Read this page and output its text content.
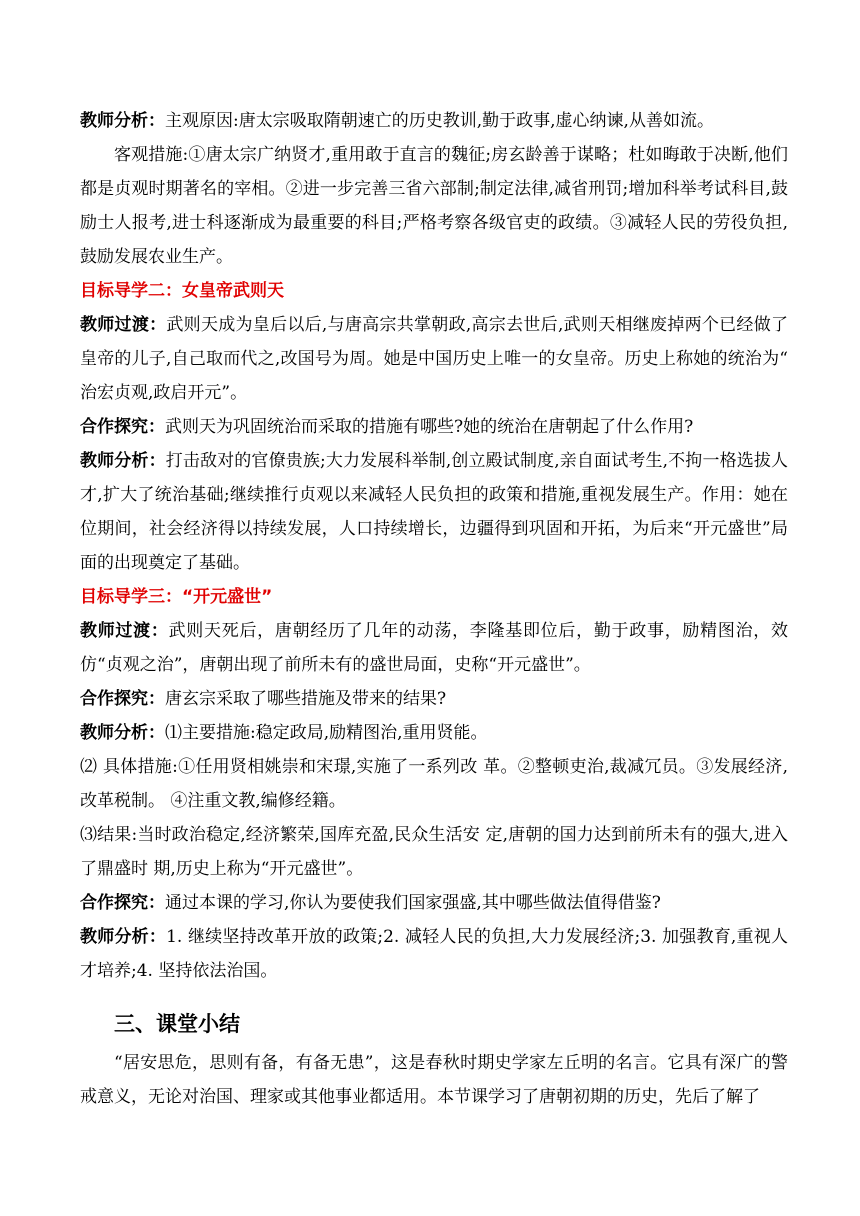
教师分析：主观原因:唐太宗吸取隋朝速亡的历史教训,勤于政事,虚心纳谏,从善如流。

客观措施:①唐太宗广纳贤才,重用敢于直言的魏征;房玄龄善于谋略；杜如晦敢于决断,他们都是贞观时期著名的宰相。②进一步完善三省六部制;制定法律,减省刑罚;增加科举考试科目,鼓励士人报考,进士科逐渐成为最重要的科目;严格考察各级官吏的政绩。③减轻人民的劳役负担,鼓励发展农业生产。

目标导学二：女皇帝武则天

教师过渡：武则天成为皇后以后,与唐高宗共掌朝政,高宗去世后,武则天相继废掉两个已经做了皇帝的儿子,自己取而代之,改国号为周。她是中国历史上唯一的女皇帝。历史上称她的统治为“ 治宏贞观,政启开元”。

合作探究：武则天为巩固统治而采取的措施有哪些?她的统治在唐朝起了什么作用?

教师分析：打击敌对的官僚贵族;大力发展科举制,创立殿试制度,亲自面试考生,不拘一格选拔人才,扩大了统治基础;继续推行贞观以来减轻人民负担的政策和措施,重视发展生产。作用：她在位期间，社会经济得以持续发展，人口持续增长，边疆得到巩固和开拓，为后来“开元盛世”局面的出现奠定了基础。

目标导学三：“开元盛世”

教师过渡：武则天死后，唐朝经历了几年的动荡，李隆基即位后，勤于政事，励精图治，效仿“贞观之治”，唐朝出现了前所未有的盛世局面，史称“开元盛世”。

合作探究：唐玄宗采取了哪些措施及带来的结果?

教师分析：⑴主要措施:稳定政局,励精图治,重用贤能。

⑵ 具体措施:①任用贤相姚崇和宋璟,实施了一系列改 革。②整顿吏治,裁减冗员。③发展经济,改革税制。 ④注重文教,编修经籍。

⑶结果:当时政治稳定,经济繁荣,国库充盈,民众生活安 定,唐朝的国力达到前所未有的强大,进入了鼎盛时 期,历史上称为“开元盛世”。

合作探究：通过本课的学习,你认为要使我们国家强盛,其中哪些做法值得借鉴?

教师分析：1. 继续坚持改革开放的政策;2. 减轻人民的负担,大力发展经济;3. 加强教育,重视人才培养;4. 坚持依法治国。

三、课堂小结

“居安思危，思则有备，有备无患”，这是春秋时期史学家左丘明的名言。它具有深广的警戒意义，无论对治国、理家或其他事业都适用。本节课学习了唐朝初期的历史，先后了解了
